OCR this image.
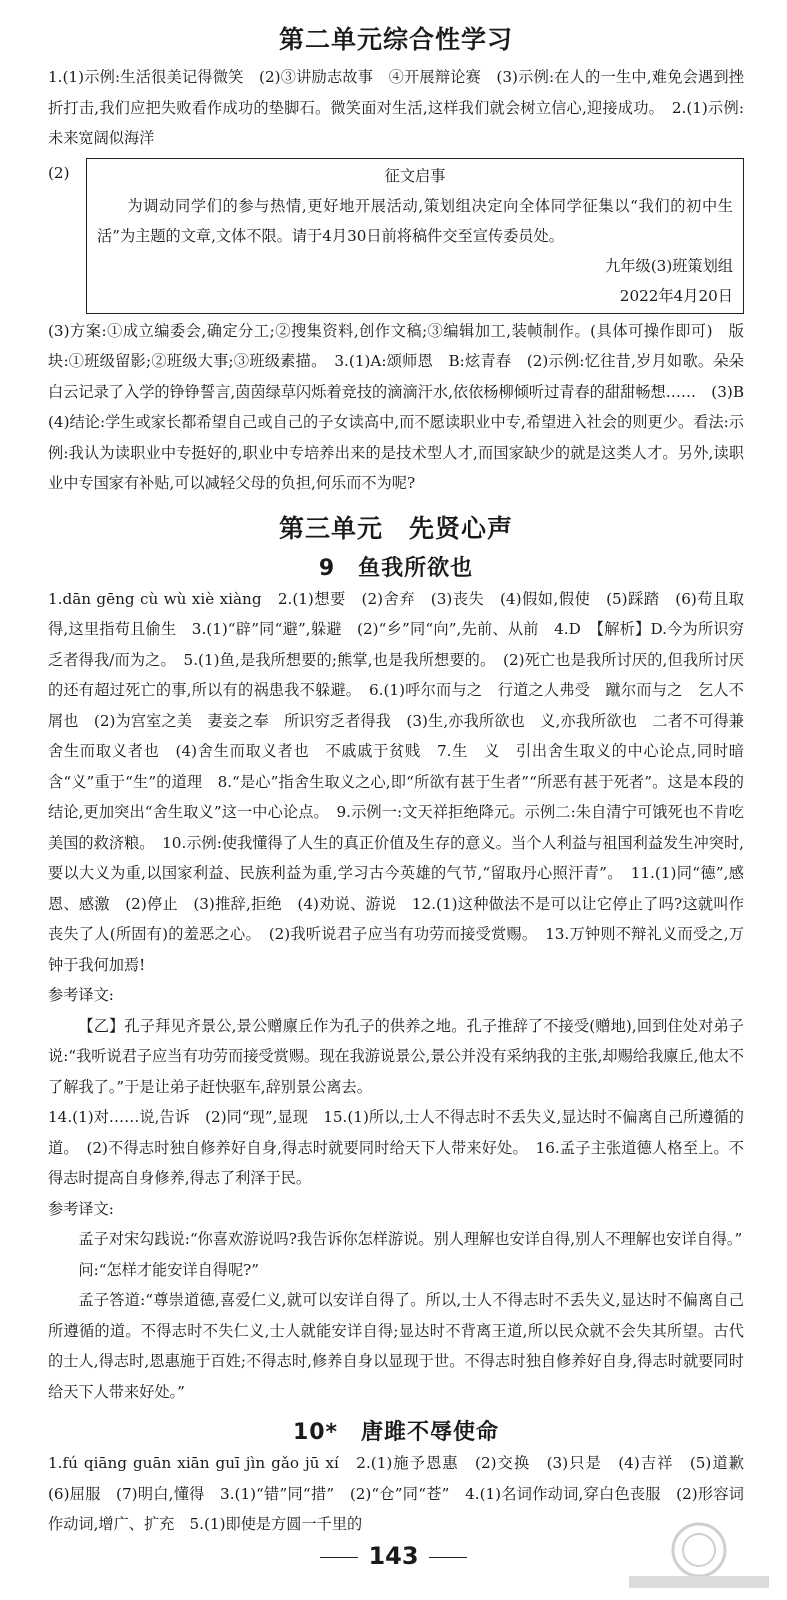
第二单元综合性学习

1.(1)示例:生活很美记得微笑　(2)③讲励志故事　④开展辩论赛　(3)示例:在人的一生中,难免会遇到挫折打击,我们应把失败看作成功的垫脚石。微笑面对生活,这样我们就会树立信心,迎接成功。　2.(1)示例:未来宽阔似海洋

(2)	征文启事
为调动同学们的参与热情,更好地开展活动,策划组决定向全体同学征集以“我们的初中生活”为主题的文章,文体不限。请于4月30日前将稿件交至宣传委员处。
九年级(3)班策划组
2022年4月20日

(3)方案:①成立编委会,确定分工;②搜集资料,创作文稿;③编辑加工,装帧制作。(具体可操作即可)　版块:①班级留影;②班级大事;③班级素描。　3.(1)A:颂师恩　B:炫青春　(2)示例:忆往昔,岁月如歌。朵朵白云记录了入学的铮铮誓言,茵茵绿草闪烁着竞技的滴滴汗水,依依杨柳倾听过青春的甜甜畅想……　(3)B　(4)结论:学生或家长都希望自己或自己的子女读高中,而不愿读职业中专,希望进入社会的则更少。看法:示例:我认为读职业中专挺好的,职业中专培养出来的是技术型人才,而国家缺少的就是这类人才。另外,读职业中专国家有补贴,可以减轻父母的负担,何乐而不为呢?

第三单元　先贤心声
9　鱼我所欲也

1.dān gēng cù wù xiè xiàng　2.(1)想要　(2)舍弃　(3)丧失　(4)假如,假使　(5)踩踏　(6)苟且取得,这里指苟且偷生　3.(1)“辟”同“避”,躲避　(2)“乡”同“向”,先前、从前　4.D　【解析】D.今为所识穷乏者得我/而为之。　5.(1)鱼,是我所想要的;熊掌,也是我所想要的。　(2)死亡也是我所讨厌的,但我所讨厌的还有超过死亡的事,所以有的祸患我不躲避。　6.(1)呼尔而与之　行道之人弗受　蹴尔而与之　乞人不屑也　(2)为宫室之美　妻妾之奉　所识穷乏者得我　(3)生,亦我所欲也　义,亦我所欲也　二者不可得兼　舍生而取义者也　(4)舍生而取义者也　不戚戚于贫贱　7.生　义　引出舍生取义的中心论点,同时暗含“义”重于“生”的道理　8.“是心”指舍生取义之心,即“所欲有甚于生者”“所恶有甚于死者”。这是本段的结论,更加突出“舍生取义”这一中心论点。　9.示例一:文天祥拒绝降元。示例二:朱自清宁可饿死也不肯吃美国的救济粮。　10.示例:使我懂得了人生的真正价值及生存的意义。当个人利益与祖国利益发生冲突时,要以大义为重,以国家利益、民族利益为重,学习古今英雄的气节,“留取丹心照汗青”。　11.(1)同“德”,感恩、感激　(2)停止　(3)推辞,拒绝　(4)劝说、游说　12.(1)这种做法不是可以让它停止了吗?这就叫作丧失了人(所固有)的羞恶之心。　(2)我听说君子应当有功劳而接受赏赐。　13.万钟则不辩礼义而受之,万钟于我何加焉!

参考译文:

【乙】孔子拜见齐景公,景公赠廪丘作为孔子的供养之地。孔子推辞了不接受(赠地),回到住处对弟子说:“我听说君子应当有功劳而接受赏赐。现在我游说景公,景公并没有采纳我的主张,却赐给我廪丘,他太不了解我了。”于是让弟子赶快驱车,辞别景公离去。

14.(1)对……说,告诉　(2)同“现”,显现　15.(1)所以,士人不得志时不丢失义,显达时不偏离自己所遵循的道。　(2)不得志时独自修养好自身,得志时就要同时给天下人带来好处。　16.孟子主张道德人格至上。不得志时提高自身修养,得志了利泽于民。

参考译文:

孟子对宋勾践说:“你喜欢游说吗?我告诉你怎样游说。别人理解也安详自得,别人不理解也安详自得。”

问:“怎样才能安详自得呢?”

孟子答道:“尊崇道德,喜爱仁义,就可以安详自得了。所以,士人不得志时不丢失义,显达时不偏离自己所遵循的道。不得志时不失仁义,士人就能安详自得;显达时不背离王道,所以民众就不会失其所望。古代的士人,得志时,恩惠施于百姓;不得志时,修养自身以显现于世。不得志时独自修养好自身,得志时就要同时给天下人带来好处。”

10*　唐雎不辱使命

1.fú qiāng guān xiān guī jìn gǎo jū xí　2.(1)施予恩惠　(2)交换　(3)只是　(4)吉祥　(5)道歉　(6)屈服　(7)明白,懂得　3.(1)“错”同“措”　(2)“仓”同“苍”　4.(1)名词作动词,穿白色丧服　(2)形容词作动词,增广、扩充　5.(1)即使是方圆一千里的

143
